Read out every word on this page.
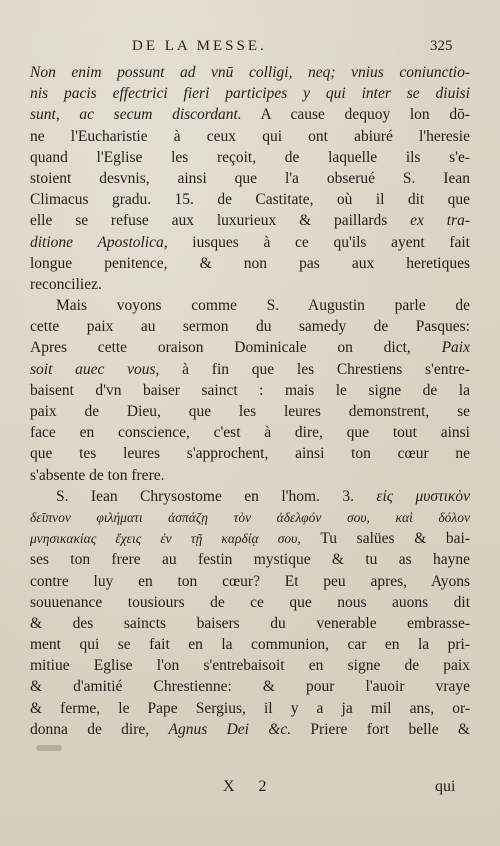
DE LA MESSE.	325
Non enim possunt ad vnū colligi, neq; vnius coniunctio-
nis pacis effectrici fieri participes y qui inter se diuisi
sunt, ac secum discordant. A cause dequoy lon dō-
ne l'Eucharistie à ceux qui ont abiuré l'heresie
quand l'Eglise les reçoit, de laquelle ils s'e-
stoient desvnis, ainsi que l'a obserué S. Iean
Climacus gradu. 15. de Castitate, où il dit que
elle se refuse aux luxurieux & paillards ex tra-
ditione Apostolica, iusques à ce qu'ils ayent fait
longue penitence, & non pas aux heretiques
reconciliez.
Mais voyons comme S. Augustin parle de
cette paix au sermon du samedy de Pasques:
Apres cette oraison Dominicale on dict, Paix
soit auec vous, à fin que les Chrestiens s'entre-
baisent d'vn baiser sainct : mais le signe de la
paix de Dieu, que les leures demonstrent, se
face en conscience, c'est à dire, que tout ainsi
que tes leures s'approchent, ainsi ton cœur ne
s'absente de ton frere.
S. Iean Chrysostome en l'hom. 3. εἰς μυστικὸν
δεῖπνον φιλήματι ἀσπάζῃ τὸν ἀδελφόν σου, καὶ δόλον
μνησικακίας ἔχεις ἐν τῇ καρδίᾳ σου, Tu salües & bai-
ses ton frere au festin mystique & tu as hayne
contre luy en ton cœur? Et peu apres, Ayons
souuenance tousiours de ce que nous auons dit
& des saincts baisers du venerable embrasse-
ment qui se fait en la communion, car en la pri-
mitiue Eglise l'on s'entrebaisoit en signe de paix
& d'amitié Chrestienne: & pour l'auoir vraye
& ferme, le Pape Sergius, il y a ja mil ans, or-
donna de dire, Agnus Dei &c. Priere fort belle &
X 2	qui
